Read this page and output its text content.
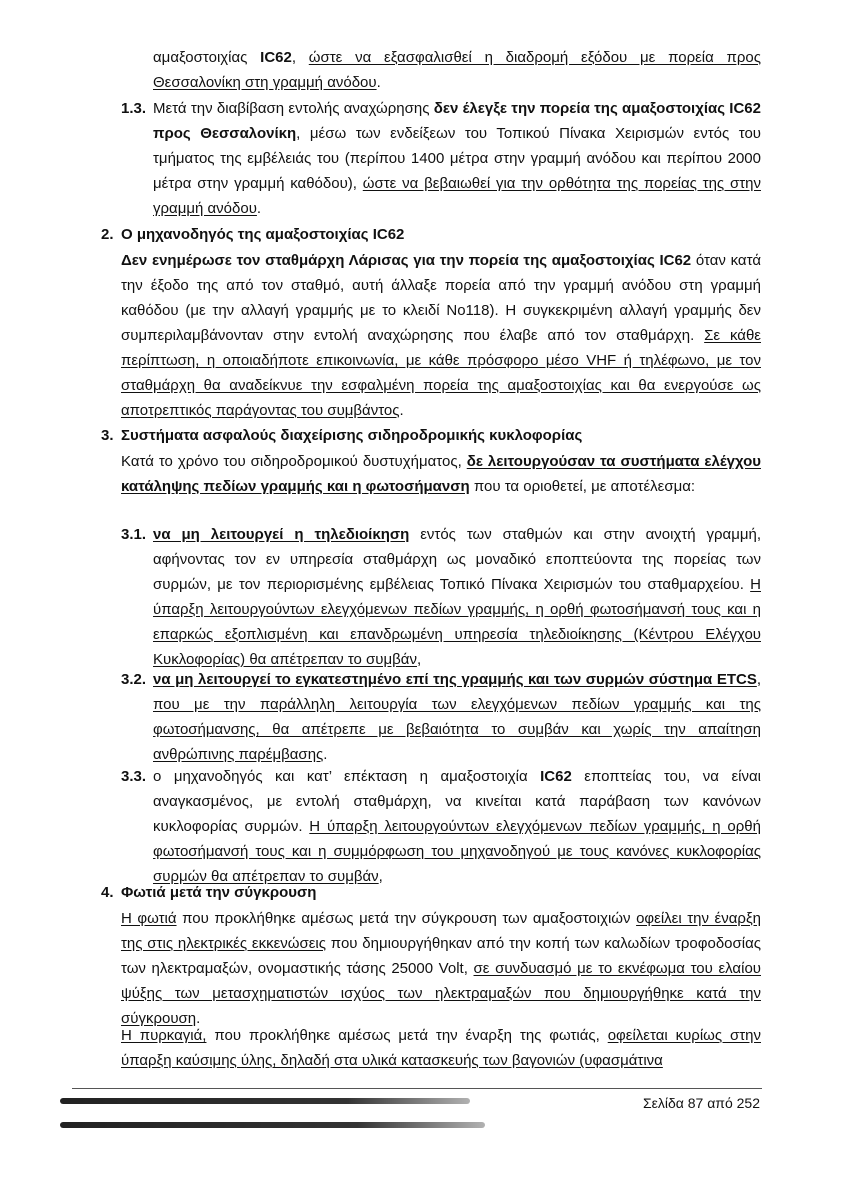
αμαξοστοιχίας IC62, ώστε να εξασφαλισθεί η διαδρομή εξόδου με πορεία προς Θεσσαλονίκη στη γραμμή ανόδου.
1.3. Μετά την διαβίβαση εντολής αναχώρησης δεν έλεγξε την πορεία της αμαξοστοιχίας IC62 προς Θεσσαλονίκη, μέσω των ενδείξεων του Τοπικού Πίνακα Χειρισμών εντός του τμήματος της εμβέλειάς του (περίπου 1400 μέτρα στην γραμμή ανόδου και περίπου 2000 μέτρα στην γραμμή καθόδου), ώστε να βεβαιωθεί για την ορθότητα της πορείας της στην γραμμή ανόδου.
2. Ο μηχανοδηγός της αμαξοστοιχίας IC62
Δεν ενημέρωσε τον σταθμάρχη Λάρισας για την πορεία της αμαξοστοιχίας IC62 όταν κατά την έξοδο της από τον σταθμό, αυτή άλλαξε πορεία από την γραμμή ανόδου στη γραμμή καθόδου (με την αλλαγή γραμμής με το κλειδί Νο118). Η συγκεκριμένη αλλαγή γραμμής δεν συμπεριλαμβάνονταν στην εντολή αναχώρησης που έλαβε από τον σταθμάρχη. Σε κάθε περίπτωση, η οποιαδήποτε επικοινωνία, με κάθε πρόσφορο μέσο VHF ή τηλέφωνο, με τον σταθμάρχη θα αναδείκνυε την εσφαλμένη πορεία της αμαξοστοιχίας και θα ενεργούσε ως αποτρεπτικός παράγοντας του συμβάντος.
3. Συστήματα ασφαλούς διαχείρισης σιδηροδρομικής κυκλοφορίας
Κατά το χρόνο του σιδηροδρομικού δυστυχήματος, δε λειτουργούσαν τα συστήματα ελέγχου κατάληψης πεδίων γραμμής και η φωτοσήμανση που τα οριοθετεί, με αποτέλεσμα:
3.1. να μη λειτουργεί η τηλεδιοίκηση εντός των σταθμών και στην ανοιχτή γραμμή, αφήνοντας τον εν υπηρεσία σταθμάρχη ως μοναδικό εποπτεύοντα της πορείας των συρμών, με τον περιορισμένης εμβέλειας Τοπικό Πίνακα Χειρισμών του σταθμαρχείου. Η ύπαρξη λειτουργούντων ελεγχόμενων πεδίων γραμμής, η ορθή φωτοσήμανσή τους και η επαρκώς εξοπλισμένη και επανδρωμένη υπηρεσία τηλεδιοίκησης (Κέντρου Ελέγχου Κυκλοφορίας) θα απέτρεπαν το συμβάν,
3.2. να μη λειτουργεί το εγκατεστημένο επί της γραμμής και των συρμών σύστημα ETCS, που με την παράλληλη λειτουργία των ελεγχόμενων πεδίων γραμμής και της φωτοσήμανσης, θα απέτρεπε με βεβαιότητα το συμβάν και χωρίς την απαίτηση ανθρώπινης παρέμβασης.
3.3. ο μηχανοδηγός και κατ’ επέκταση η αμαξοστοιχία IC62 εποπτείας του, να είναι αναγκασμένος, με εντολή σταθμάρχη, να κινείται κατά παράβαση των κανόνων κυκλοφορίας συρμών. Η ύπαρξη λειτουργούντων ελεγχόμενων πεδίων γραμμής, η ορθή φωτοσήμανσή τους και η συμμόρφωση του μηχανοδηγού με τους κανόνες κυκλοφορίας συρμών θα απέτρεπαν το συμβάν,
4. Φωτιά μετά την σύγκρουση
Η φωτιά που προκλήθηκε αμέσως μετά την σύγκρουση των αμαξοστοιχιών οφείλει την έναρξη της στις ηλεκτρικές εκκενώσεις που δημιουργήθηκαν από την κοπή των καλωδίων τροφοδοσίας των ηλεκτραμαξών, ονομαστικής τάσης 25000 Volt, σε συνδυασμό με το εκνέφωμα του ελαίου ψύξης των μετασχηματιστών ισχύος των ηλεκτραμαξών που δημιουργήθηκε κατά την σύγκρουση.
Η πυρκαγιά, που προκλήθηκε αμέσως μετά την έναρξη της φωτιάς, οφείλεται κυρίως στην ύπαρξη καύσιμης ύλης, δηλαδή στα υλικά κατασκευής των βαγονιών (υφασμάτινα
Σελίδα 87 από 252
